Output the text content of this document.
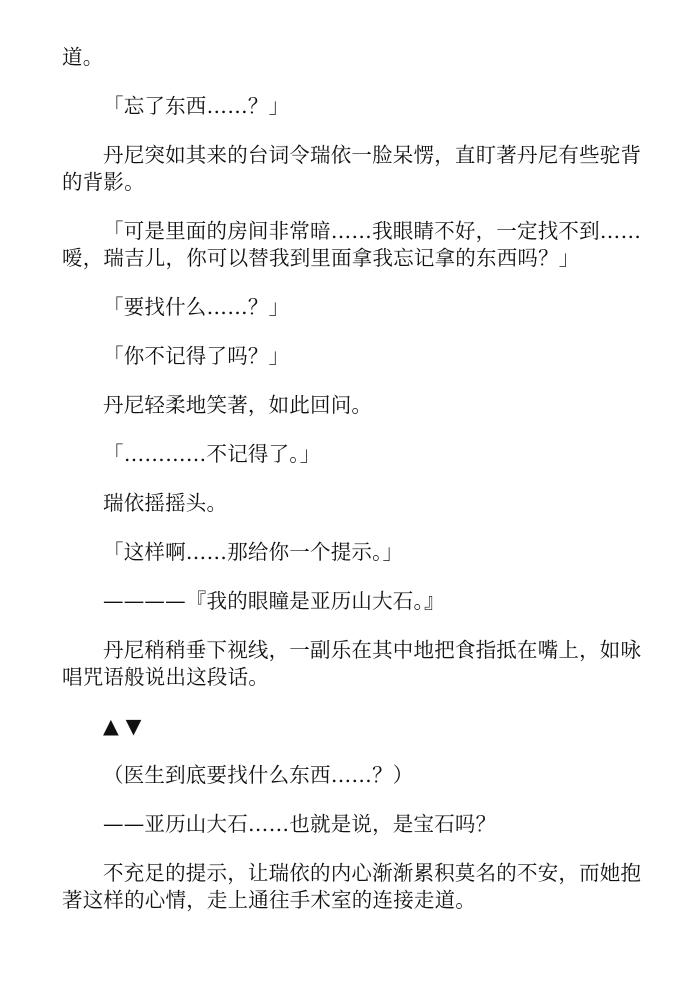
道。

「忘了东西……？」

丹尼突如其来的台词令瑞依一脸呆愣，直盯著丹尼有些驼背的背影。

「可是里面的房间非常暗……我眼睛不好，一定找不到……嗳，瑞吉儿，你可以替我到里面拿我忘记拿的东西吗？」

「要找什么……？」

「你不记得了吗？」

丹尼轻柔地笑著，如此回问。

「…………不记得了。」

瑞依摇摇头。

「这样啊……那给你一个提示。」

————『我的眼瞳是亚历山大石。』

丹尼稍稍垂下视线，一副乐在其中地把食指抵在嘴上，如咏唱咒语般说出这段话。

▲ ▼

（医生到底要找什么东西……？）

——亚历山大石……也就是说，是宝石吗？

不充足的提示，让瑞依的内心渐渐累积莫名的不安，而她抱著这样的心情，走上通往手术室的连接走道。
